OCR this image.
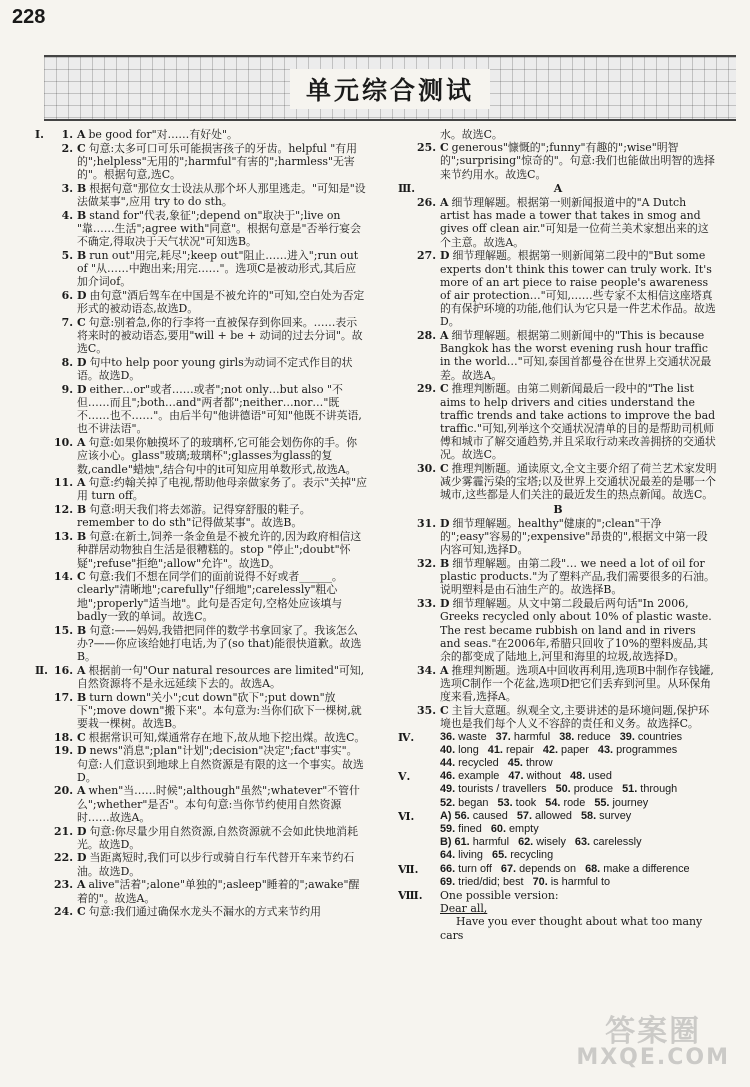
228
单元综合测试
Ⅰ.	1. A be good for"对……有好处"。
2. C 句意:太多可口可乐可能损害孩子的牙齿。helpful "有用的";helpless"无用的";harmful"有害的";harmless"无害的"。根据句意,选C。
3. B 根据句意"那位女士设法从那个坏人那里逃走。"可知是"设法做某事",应用 try to do sth。
4. B stand for"代表,象征";depend on"取决于";live on "靠……生活";agree with"同意"。根据句意是"否举行宴会不确定,得取决于天气状况"可知选B。
5. B run out"用完,耗尽";keep out"阻止……进入";run out of "从……中跑出来;用完……"。选项C是被动形式,其后应加介词of。
6. D 由句意"酒后驾车在中国是不被允许的"可知,空白处为否定形式的被动语态,故选D。
7. C 句意:别着急,你的行李将一直被保存到你回来。……表示将来时的被动语态,要用"will + be + 动词的过去分词"。故选C。
8. D 句中to help poor young girls为动词不定式作目的状语。故选D。
9. D either…or"或者……或者";not only…but also "不但……而且";both…and"两者都";neither…nor…"既不……也不……"。由后半句"他讲德语"可知"他既不讲英语,也不讲法语"。
10. A 句意:如果你触摸坏了的玻璃杯,它可能会划伤你的手。你应该小心。glass"玻璃;玻璃杯";glasses为glass的复数,candle"蜡烛",结合句中的it可知应用单数形式,故选A。
11. A 句意:约翰关掉了电视,帮助他母亲做家务了。表示"关掉"应用 turn off。
12. B 句意:明天我们将去郊游。记得穿舒服的鞋子。remember to do sth"记得做某事"。故选B。
13. B 句意:在新土,饲养一条金鱼是不被允许的,因为政府相信这种群居动物独自生活是很糟糕的。stop "停止";doubt"怀疑";refuse"拒绝";allow"允许"。故选D。
14. C 句意:我们不想在同学们的面前说得不好或者______。clearly"清晰地";carefully"仔细地";carelessly"粗心地";properly"适当地"。此句是否定句,空格处应该填与badly一致的单词。故选C。
15. B 句意:——妈妈,我错把同伴的数学书拿回家了。我该怎么办?——你应该给她打电话,为了(so that)能很快道歉。故选B。
Ⅱ. 16. A 根据前一句"Our natural resources are limited"可知,自然资源将不是永远延续下去的。故选A。
17. B turn down"关小";cut down"砍下";put down"放下";move down"搬下来"。本句意为:当你们砍下一棵树,就要栽一棵树。故选B。
18. C 根据常识可知,煤通常存在地下,故从地下挖出煤。故选C。
19. D news"消息";plan"计划";decision"决定";fact"事实"。句意:人们意识到地球上自然资源是有限的这一个事实。故选D。
20. A when"当……时候";although"虽然";whatever"不管什么";whether"是否"。本句句意:当你节约使用自然资源时……故选A。
21. D 句意:你尽量少用自然资源,自然资源就不会如此快地消耗光。故选D。
22. D 当距离短时,我们可以步行或骑自行车代替开车来节约石油。故选D。
23. A alive"活着";alone"单独的";asleep"睡着的";awake"醒着的"。故选A。
24. C 句意:我们通过确保水龙头不漏水的方式来节约用
水。故选C。
25. C generous"慷慨的";funny"有趣的";wise"明智的";surprising"惊奇的"。句意:我们也能做出明智的选择来节约用水。故选C。
Ⅲ.	A
26. A 细节理解题。根据第一则新闻报道中的"A Dutch artist has made a tower that takes in smog and gives off clean air."可知是一位荷兰美术家想出来的这个主意。故选A。
27. D 细节理解题。根据第一则新闻第二段中的"But some experts don't think this tower can truly work. It's more of an art piece to raise people's awareness of air protection…"可知,……些专家不太相信这座塔真的有保护环境的功能,他们认为它只是一件艺术作品。故选D。
28. A 细节理解题。根据第二则新闻中的"This is because Bangkok has the worst evening rush hour traffic in the world…"可知,泰国首都曼谷在世界上交通状况最差。故选A。
29. C 推理判断题。由第二则新闻最后一段中的"The list aims to help drivers and cities understand the traffic trends and take actions to improve the bad traffic."可知,列举这个交通状况清单的目的是帮助司机师傅和城市了解交通趋势,并且采取行动来改善拥挤的交通状况。故选C。
30. C 推理判断题。通读原文,全文主要介绍了荷兰艺术家发明减少雾霾污染的宝塔;以及世界上交通状况最差的是哪一个城市,这些都是人们关注的最近发生的热点新闻。故选C。
B
31. D 细节理解题。healthy"健康的";clean"干净的";easy"容易的";expensive"昂贵的",根据文中第一段内容可知,选择D。
32. B 细节理解题。由第二段"… we need a lot of oil for plastic products."为了塑料产品,我们需要很多的石油。说明塑料是由石油生产的。故选择B。
33. D 细节理解题。从文中第二段最后两句话"In 2006, Greeks recycled only about 10% of plastic waste. The rest became rubbish on land and in rivers and seas."在2006年,希腊只回收了10%的塑料废品,其余的都变成了陆地上,河里和海里的垃圾,故选择D。
34. A 推理判断题。选项A中回收再利用,选项B中制作存钱罐,选项C制作一个花盆,选项D把它们丢弃到河里。从环保角度来看,选择A。
35. C 主旨大意题。纵观全文,主要讲述的是环境问题,保护环境也是我们每个人义不容辞的责任和义务。故选择C。
Ⅳ.	36. waste 37. harmful 38. reduce 39. countries
40. long 41. repair 42. paper 43. programmes
44. recycled 45. throw
Ⅴ.	46. example 47. without 48. used
49. tourists / travellers 50. produce 51. through
52. began 53. took 54. rode 55. journey
Ⅵ.	A) 56. caused 57. allowed 58. survey
59. fined 60. empty
B) 61. harmful 62. wisely 63. carelessly
64. living 65. recycling
Ⅶ.	66. turn off 67. depends on 68. make a difference
69. tried/did; best 70. is harmful to
Ⅷ.	One possible version:
Dear all,
Have you ever thought about what too many cars
答案圈
MXQE.COM
